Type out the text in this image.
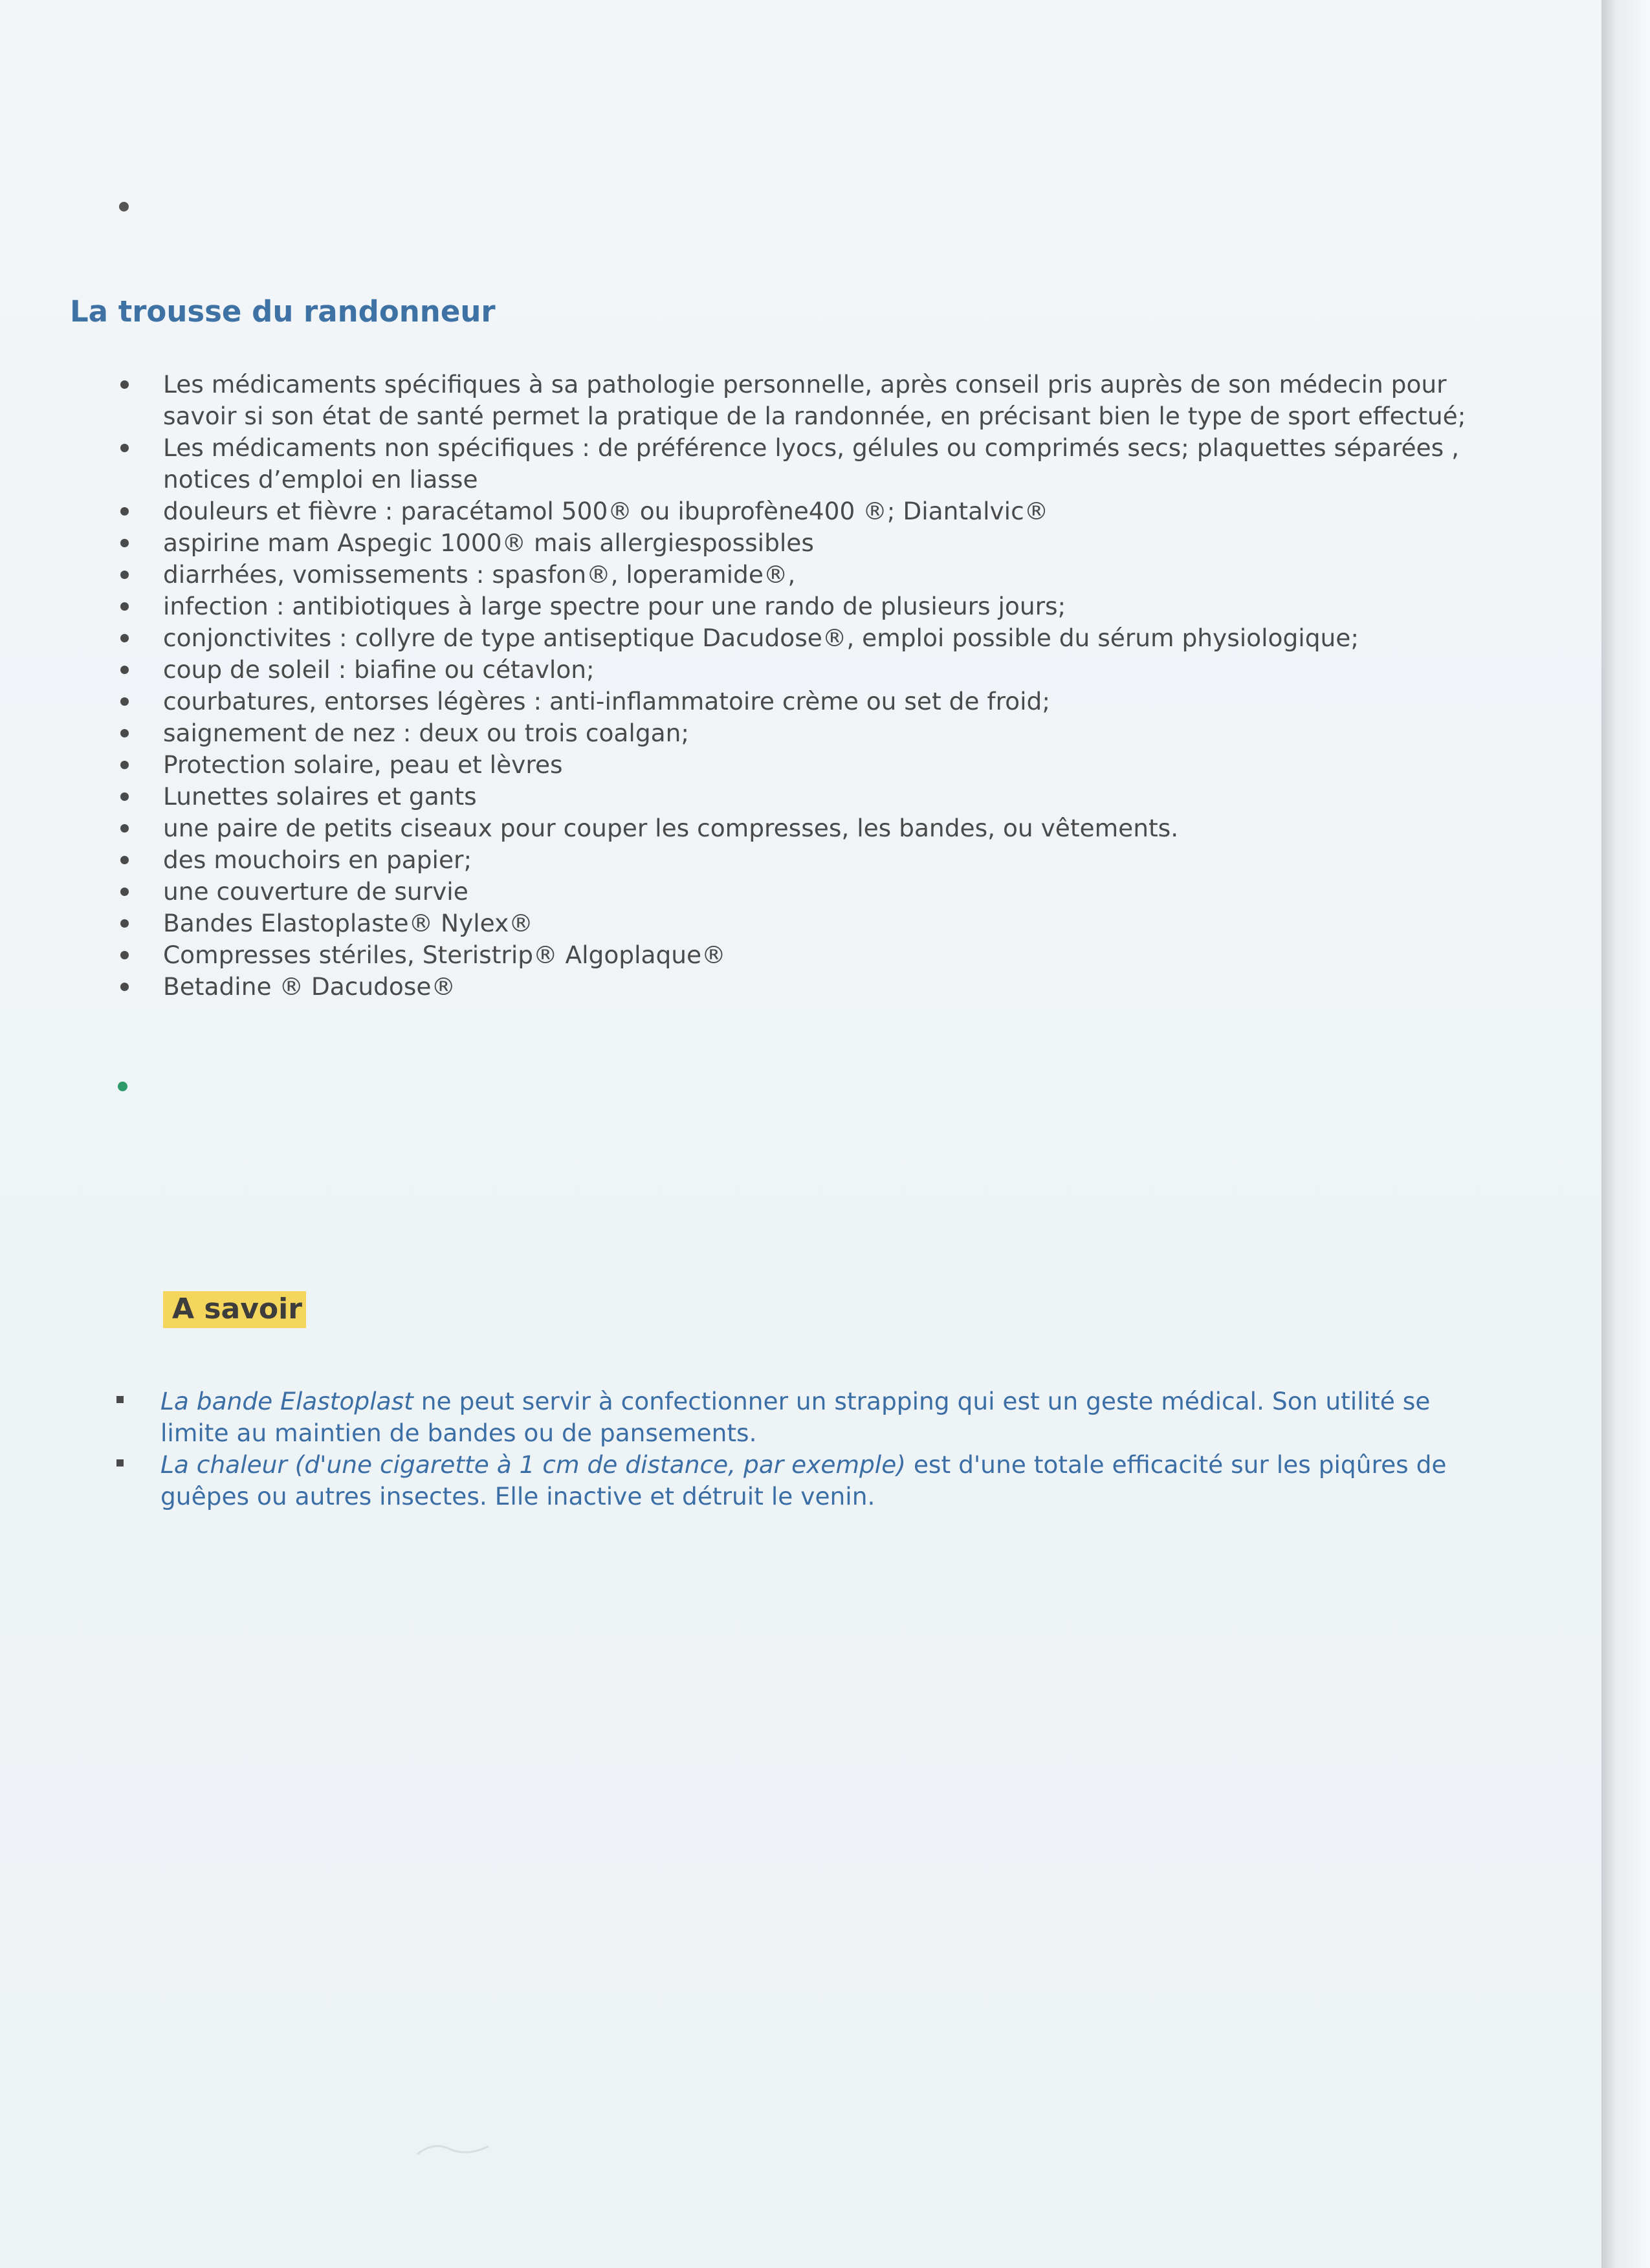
La trousse du randonneur
Les médicaments spécifiques à sa pathologie personnelle, après conseil pris auprès de son médecin pour savoir si son état de santé permet la pratique de la randonnée, en précisant bien le type de sport effectué;
Les médicaments non spécifiques : de préférence lyocs, gélules ou comprimés secs; plaquettes séparées , notices d’emploi en liasse
douleurs et fièvre : paracétamol 500® ou ibuprofène400 ®; Diantalvic®
aspirine mam Aspegic 1000® mais allergiespossibles
diarrhées, vomissements : spasfon®, loperamide®,
infection : antibiotiques à large spectre pour une rando de plusieurs jours;
conjonctivites : collyre de type antiseptique Dacudose®, emploi possible du sérum physiologique;
coup de soleil : biafine ou cétavlon;
courbatures, entorses légères : anti-inflammatoire crème ou set de froid;
saignement de nez : deux ou trois coalgan;
Protection solaire, peau et lèvres
Lunettes solaires et gants
une paire de petits ciseaux pour couper les compresses, les bandes, ou vêtements.
des mouchoirs en papier;
une couverture de survie
Bandes Elastoplaste® Nylex®
Compresses stériles, Steristrip® Algoplaque®
Betadine ® Dacudose®
A savoir
La bande Elastoplast ne peut servir à confectionner un strapping qui est un geste médical. Son utilité se limite au maintien de bandes ou de pansements.
La chaleur (d'une cigarette à 1 cm de distance, par exemple) est d'une totale efficacité sur les piqûres de guêpes ou autres insectes. Elle inactive et détruit le venin.
